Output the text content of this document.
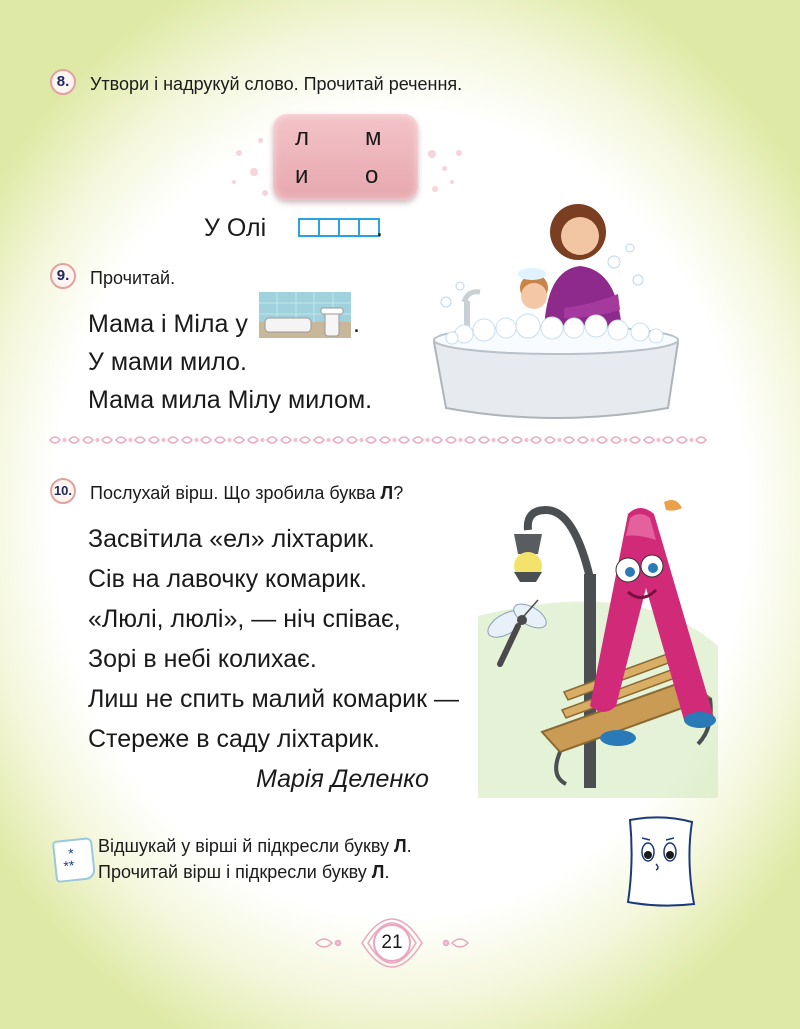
8.	Утвори і надрукуй слово. Прочитай речення.
л м
и о
У Олі	.
9.	Прочитай.
Мама і Міла у	.
У мами мило.
Мама мила Мілу милом.
10. Послухай вірш. Що зробила буква Л?
Засвітила «ел» ліхтарик.
Сів на лавочку комарик.
«Люлі, люлі», — ніч співає,
Зорі в небі колихає.
Лиш не спить малий комарик —
Стереже в саду ліхтарик.
Марія Деленко
*
**
Відшукай у вірші й підкресли букву Л.
Прочитай вірш і підкресли букву Л.
21
